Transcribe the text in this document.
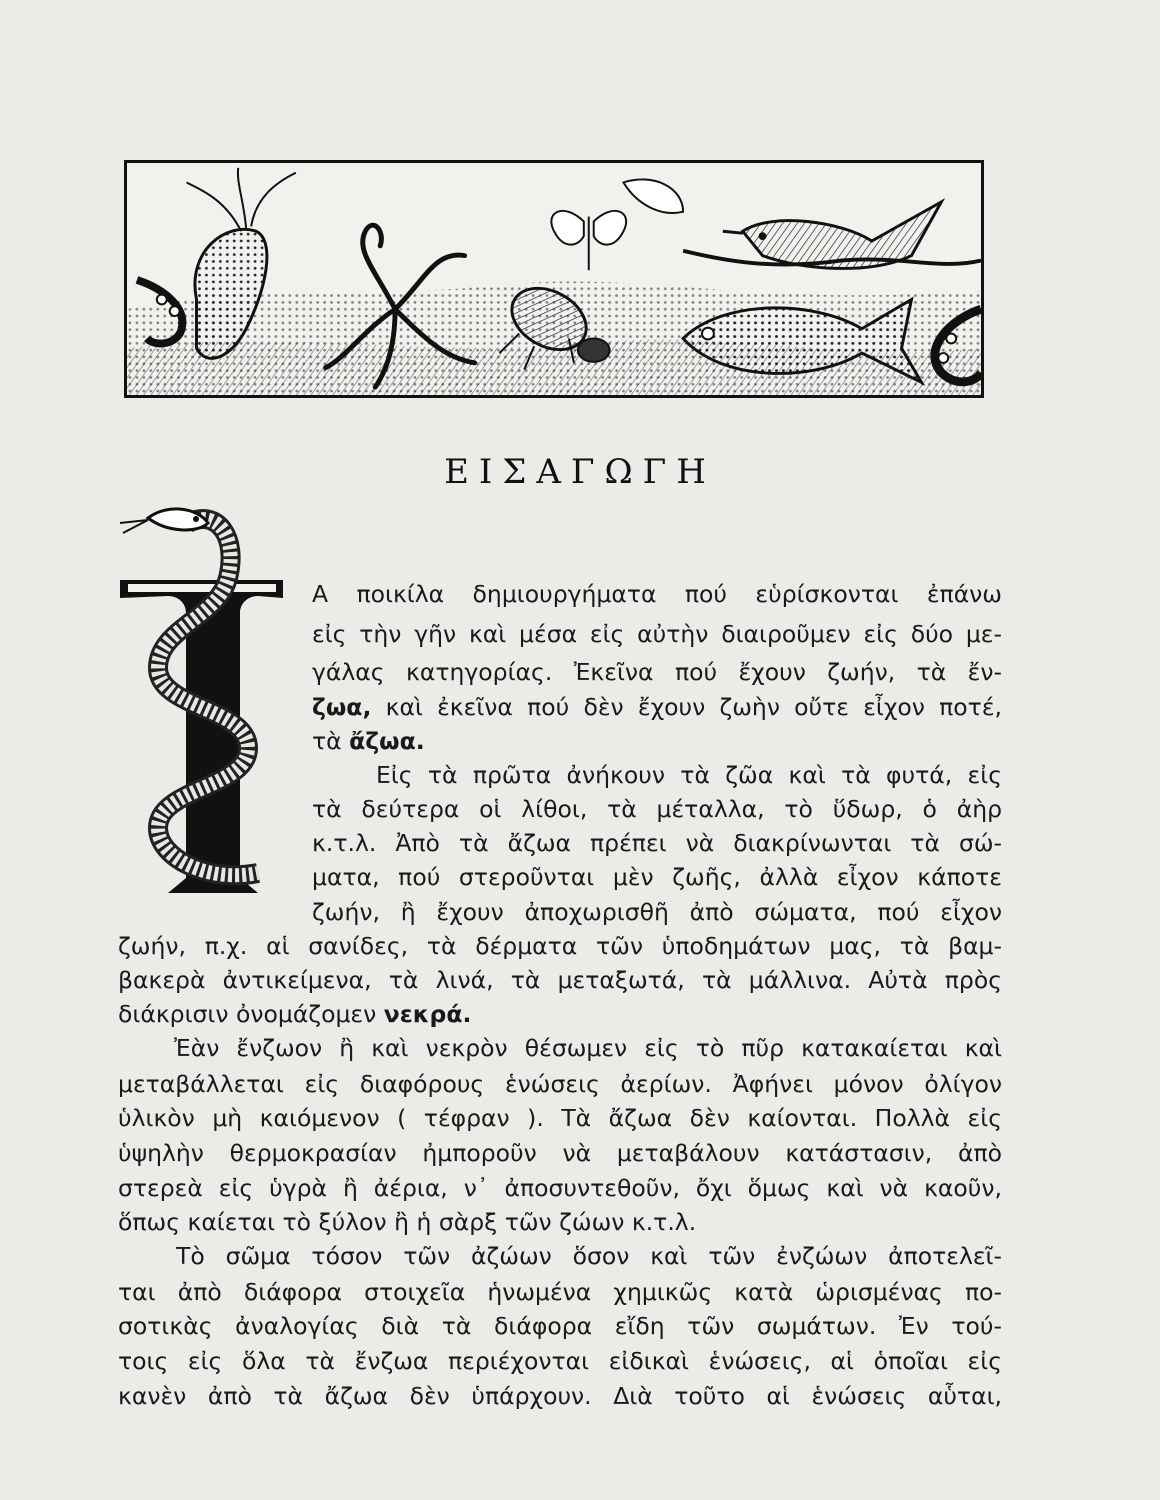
ΕΙΣΑΓΩΓΗ
Α ποικίλα δημιουργήματα πού εὑρίσκονται ἐπάνω
εἰς τὴν γῆν καὶ μέσα εἰς αὐτὴν διαιροῦμεν εἰς δύο με-
γάλας κατηγορίας. Ἐκεῖνα πού ἔχουν ζωήν, τὰ ἔν-
ζωα, καὶ ἐκεῖνα πού δὲν ἔχουν ζωὴν οὔτε εἶχον ποτέ,
τὰ ἄζωα.
Εἰς τὰ πρῶτα ἀνήκουν τὰ ζῶα καὶ τὰ φυτά, εἰς
τὰ δεύτερα οἱ λίθοι, τὰ μέταλλα, τὸ ὕδωρ, ὁ ἀὴρ
κ.τ.λ. Ἀπὸ τὰ ἄζωα πρέπει νὰ διακρίνωνται τὰ σώ-
ματα, πού στεροῦνται μὲν ζωῆς, ἀλλὰ εἶχον κάποτε
ζωήν, ἢ ἔχουν ἀποχωρισθῆ ἀπὸ σώματα, πού εἶχον
ζωήν, π.χ. αἱ σανίδες, τὰ δέρματα τῶν ὑποδημάτων μας, τὰ βαμ-
βακερὰ ἀντικείμενα, τὰ λινά, τὰ μεταξωτά, τὰ μάλλινα. Αὐτὰ πρὸς
διάκρισιν ὀνομάζομεν νεκρά.
Ἐὰν ἔνζωον ἢ καὶ νεκρὸν θέσωμεν εἰς τὸ πῦρ κατακαίεται καὶ
μεταβάλλεται εἰς διαφόρους ἑνώσεις ἀερίων. Ἀφήνει μόνον ὀλίγον
ὑλικὸν μὴ καιόμενον ( τέφραν ). Τὰ ἄζωα δὲν καίονται. Πολλὰ εἰς
ὑψηλὴν θερμοκρασίαν ἠμποροῦν νὰ μεταβάλουν κατάστασιν, ἀπὸ
στερεὰ εἰς ὑγρὰ ἢ ἀέρια, ν᾿ ἀποσυντεθοῦν, ὄχι ὅμως καὶ νὰ καοῦν,
ὅπως καίεται τὸ ξύλον ἢ ἡ σὰρξ τῶν ζώων κ.τ.λ.
Τὸ σῶμα τόσον τῶν ἀζώων ὅσον καὶ τῶν ἐνζώων ἀποτελεῖ-
ται ἀπὸ διάφορα στοιχεῖα ἡνωμένα χημικῶς κατὰ ὡρισμένας πο-
σοτικὰς ἀναλογίας διὰ τὰ διάφορα εἴδη τῶν σωμάτων. Ἐν τού-
τοις εἰς ὅλα τὰ ἔνζωα περιέχονται εἰδικαὶ ἑνώσεις, αἱ ὁποῖαι εἰς
κανὲν ἀπὸ τὰ ἄζωα δὲν ὑπάρχουν. Διὰ τοῦτο αἱ ἑνώσεις αὗται,
